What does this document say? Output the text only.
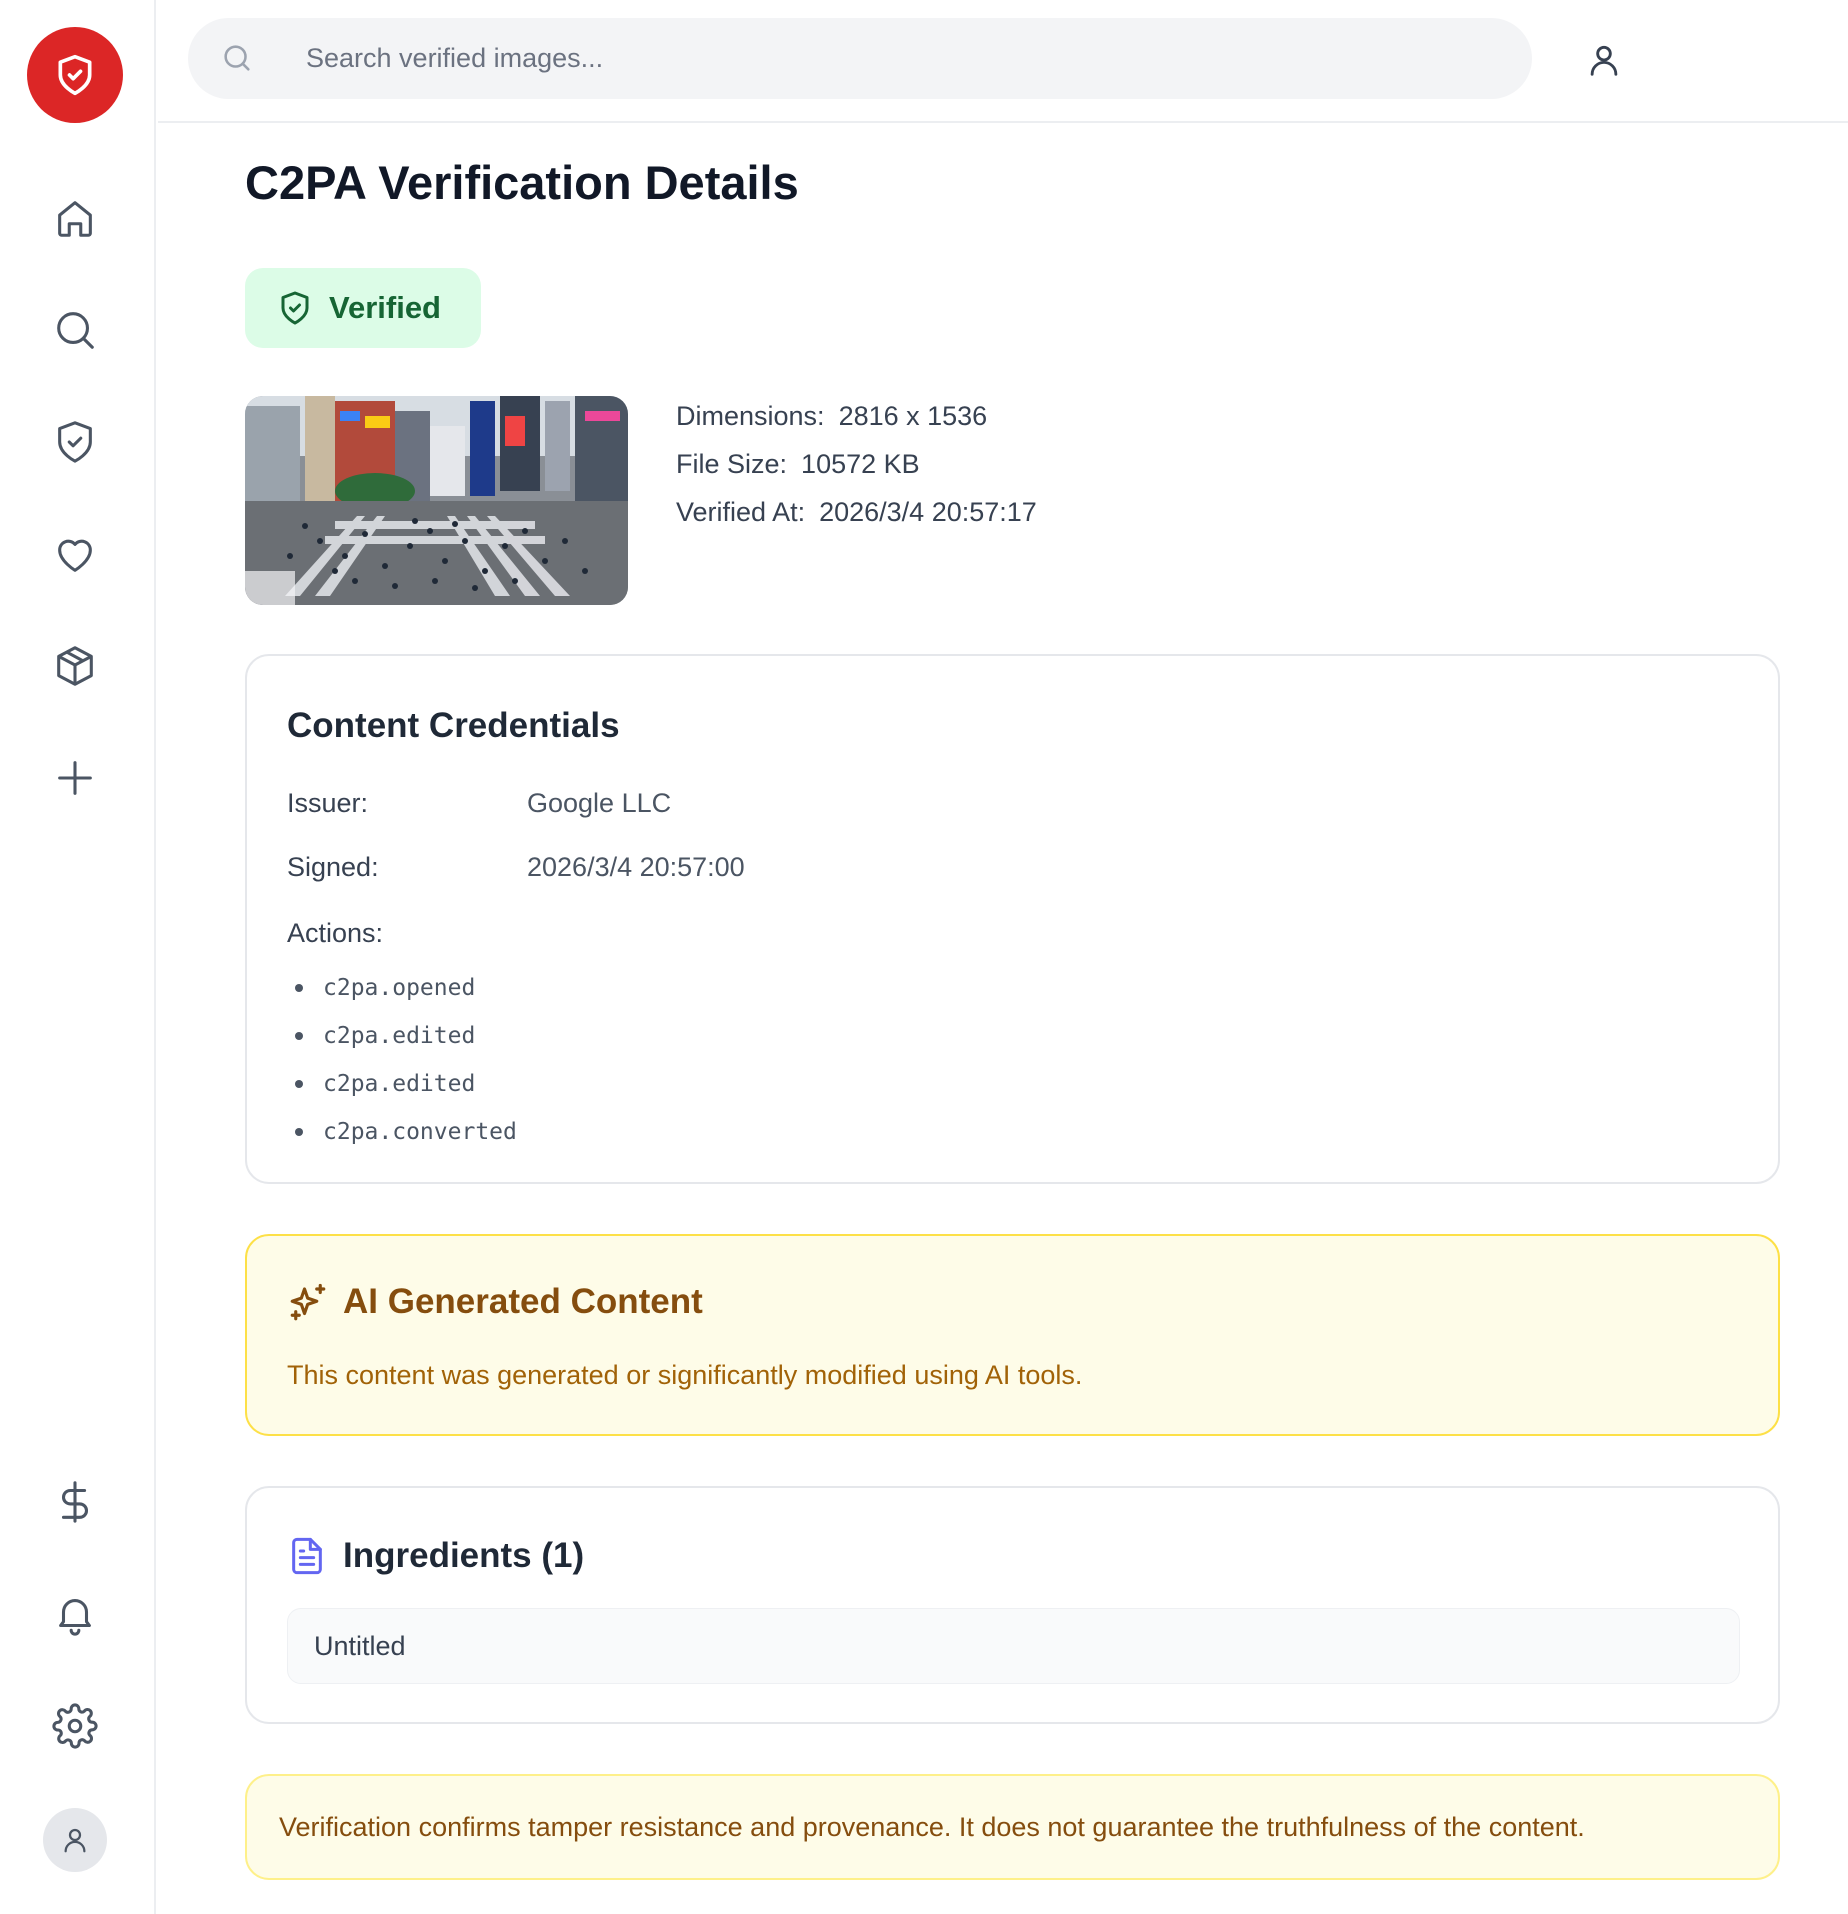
Search verified images...
C2PA Verification Details
Verified
Dimensions: 2816 x 1536
File Size: 10572 KB
Verified At: 2026/3/4 20:57:17
Content Credentials
Issuer:	Google LLC
Signed:	2026/3/4 20:57:00
Actions:
c2pa.opened
c2pa.edited
c2pa.edited
c2pa.converted
AI Generated Content

This content was generated or significantly modified using AI tools.

Ingredients (1)
Untitled
Verification confirms tamper resistance and provenance. It does not guarantee the truthfulness of the content.
